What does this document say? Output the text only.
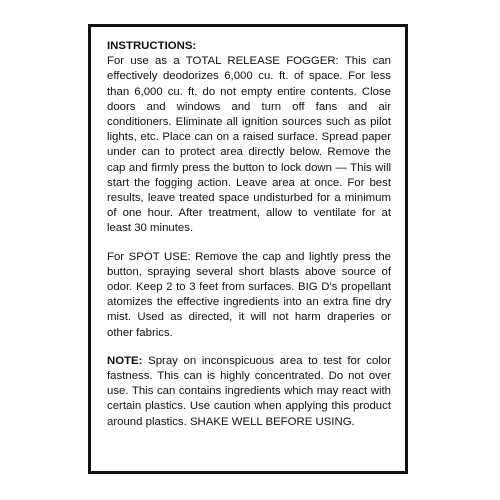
INSTRUCTIONS:
For use as a TOTAL RELEASE FOGGER: This can effectively deodorizes 6,000 cu. ft. of space. For less than 6,000 cu. ft. do not empty entire contents. Close doors and windows and turn off fans and air conditioners. Eliminate all ignition sources such as pilot lights, etc. Place can on a raised surface. Spread paper under can to protect area directly below. Remove the cap and firmly press the button to lock down — This will start the fogging action. Leave area at once. For best results, leave treated space undisturbed for a minimum of one hour. After treatment, allow to ventilate for at least 30 minutes.

For SPOT USE: Remove the cap and lightly press the button, spraying several short blasts above source of odor. Keep 2 to 3 feet from surfaces. BIG D's propellant atomizes the effective ingredients into an extra fine dry mist. Used as directed, it will not harm draperies or other fabrics.

NOTE: Spray on inconspicuous area to test for color fastness. This can is highly concentrated. Do not over use. This can contains ingredients which may react with certain plastics. Use caution when applying this product around plastics. SHAKE WELL BEFORE USING.
